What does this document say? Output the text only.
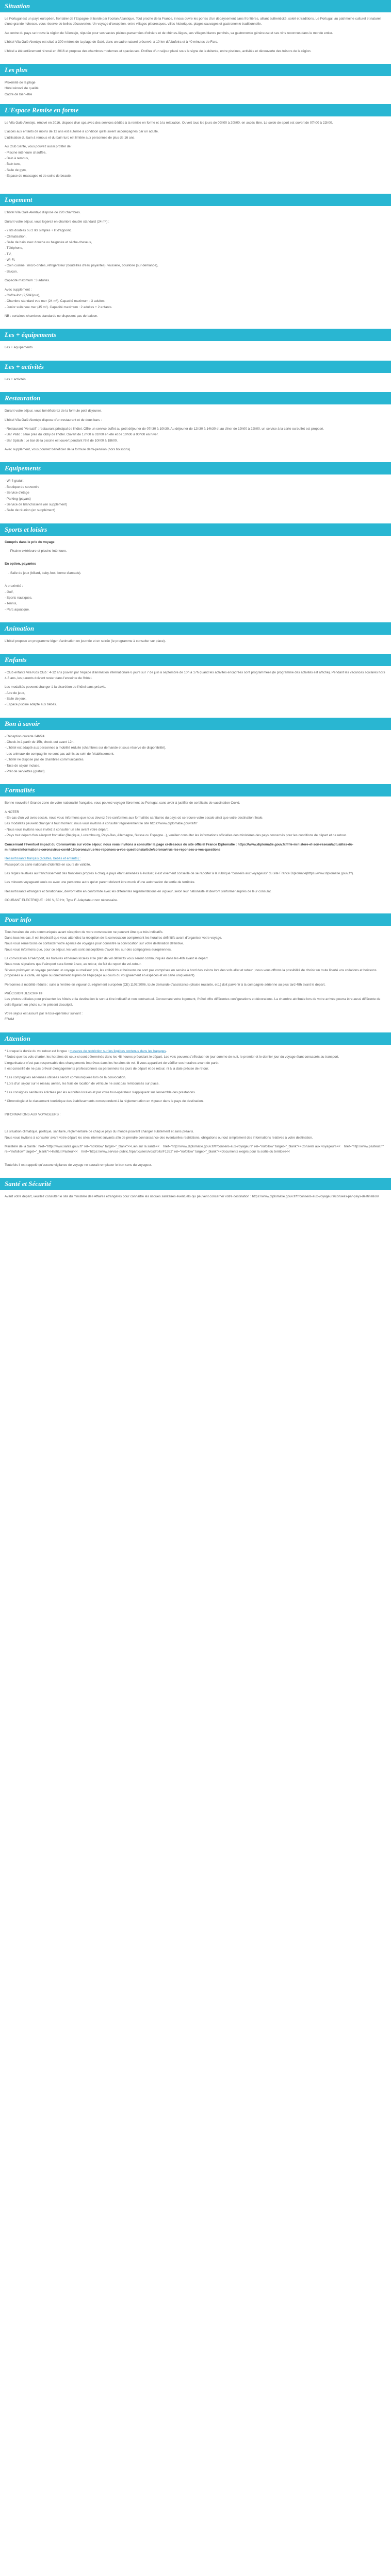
Situation

Le Portugal est un pays européen, frontalier de l'Espagne et bordé par l'océan Atlantique. Tout proche de la France, il nous ouvre les portes d'un dépaysement sans frontières, alliant authenticité, soleil et traditions. Le Portugal, au patrimoine culturel et naturel d'une grande richesse, vous réserve de belles découvertes. Un voyage d'exception, entre villages pittoresques, villes historiques, plages sauvages et gastronomie traditionnelle.

Au centre du pays se trouve la région de l'Alentejo, réputée pour ses vastes plaines parsemées d'oliviers et de chênes-lièges, ses villages blancs perchés, sa gastronomie généreuse et ses vins reconnus dans le monde entier.

L'hôtel Vila Galé Alentejo est situé à 300 mètres de la plage de Galé, dans un cadre naturel préservé, à 10 km d'Albufeira et à 40 minutes de Faro.

L'hôtel a été entièrement rénové en 2016 et propose des chambres modernes et spacieuses. Profitez d'un séjour placé sous le signe de la détente, entre piscines, activités et découverte des trésors de la région.

Les plus

Proximité de la plage

Hôtel rénové de qualité

Cadre de bien-être

L'Espace Remise en forme

Le Vila Galé Alentejo, rénové en 2016, dispose d'un spa avec des services dédiés à la remise en forme et à la relaxation. Ouvert tous les jours de 09h00 à 20h00, en accès libre. Le solde de sport est ouvert de 07h00 à 22h00.

L'accès aux enfants de moins de 12 ans est autorisé à condition qu'ils soient accompagnés par un adulte.

L'utilisation du bain à remous et du bain turc est limitée aux personnes de plus de 16 ans.

Au Club Santé, vous pouvez aussi profiter de :

- Piscine intérieure chauffée,

- Bain à remous,

- Bain turc,

- Salle de gym,

- Espace de massages et de soins de beauté.

Logement

L'hôtel Vila Galé Alentejo dispose de 220 chambres.

Durant votre séjour, vous logerez en chambre double standard (24 m²) :

- 2 lits doubles ou 2 lits simples + lit d'appoint,

- Climatisation,

- Salle de bain avec douche ou baignoire et sèche-cheveux,

- Téléphone,

- TV,

- Wi-Fi,

- Coin cuisine : micro-ondes, réfrigérateur (bouteilles d'eau payantes), vaisselle, bouilloire (sur demande),

- Balcon.

Capacité maximum : 3 adultes.

Avec supplément :

- Coffre-fort (2,50€/jour),

- Chambre standard vue mer (24 m²). Capacité maximum : 3 adultes.

- Junior suite vue mer (45 m²). Capacité maximum : 2 adultes + 2 enfants.

NB : certaines chambres standards ne disposent pas de balcon.

Les + équipements

Les + équipements

Les + activités

Les + activités

Restauration

Durant votre séjour, vous bénéficierez de la formule petit déjeuner.

L'hôtel Vila Galé Alentejo dispose d'un restaurant et de deux bars :

- Restaurant "Versatil" : restaurant principal de l'hôtel. Offre un service buffet au petit déjeuner de 07h30 à 10h30. Au déjeuner de 12h30 à 14h30 et au dîner de 19h00 à 22h00, un service à la carte ou buffet est proposé.

- Bar Pátio : situé près du lobby de l'hôtel. Ouvert de 17h00 à 01h00 en été et de 10h00 à 00h00 en hiver.

- Bar Splash : Le bar de la piscine est ouvert pendant l'été de 10h00 à 18h00.

Avec supplément, vous pourrez bénéficier de la formule demi-pension (hors boissons).

Equipements

- Wi-fi gratuit

- Boutique de souvenirs

- Service d'étage

- Parking (payant)

- Service de blanchisserie (en supplément)

- Salle de réunion (en supplément)

Sports et loisirs

Compris dans le prix du voyage

- Piscine extérieure et piscine intérieure.

En option, payantes

- Salle de jeux (billard, baby-foot, borne d'arcade).

À proximité :

- Golf,

- Sports nautiques,

- Tennis,

- Parc aquatique.

Animation

L'hôtel propose un programme léger d'animation en journée et en soirée (le programme à consulter sur place).

Enfants

- Club enfants Vila Kids Club : 4-12 ans (ouvert par l'équipe d'animation internationale 6 jours sur 7 de juin à septembre de 10h à 17h quand les activités encadrées sont programmées (le programme des activités est affiché). Pendant les vacances scolaires hors 4-6 ans, les parents doivent rester dans l'enceinte de l'hôtel.

Les modalités peuvent changer à la discrétion de l'hôtel sans préavis.

- Aire de jeux,

- Salle de jeux,

- Espace piscine adapté aux bébés.

Bon à savoir

- Réception ouverte 24h/24.

- Check-in à partir de 15h, check-out avant 12h.

- L'hôtel est adapté aux personnes à mobilité réduite (chambres sur demande et sous réserve de disponibilité).

- Les animaux de compagnie ne sont pas admis au sein de l'établissement.

- L'hôtel ne dispose pas de chambres communicantes.

- Taxe de séjour incluse.

- Prêt de serviettes (gratuit).

Formalités

Bonne nouvelle ! Grande zone de votre nationalité française, vous pouvez voyager librement au Portugal, sans avoir à justifier de certificats de vaccination Covid.

A NOTER

- En cas d'un vol avec escale, nous vous informons que nous devrez être conformes aux formalités sanitaires du pays où se trouve votre escale ainsi que votre destination finale.

Les modalités peuvent changer à tout moment, nous vous invitons à consulter régulièrement le site https://www.diplomatie.gouv.fr/fr/

- Nous vous invitons vous invitez à consulter un site avant votre départ.

- Pays tout départ d'un aéroport frontalier (Belgique, Luxembourg, Pays-Bas, Allemagne, Suisse ou Espagne...), veuillez consulter les informations officielles des ministères des pays concernés pour les conditions de départ et de retour.

Concernant l'éventuel impact du Coronavirus sur votre séjour, nous vous invitons à consulter la page ci-dessous du site officiel France Diplomatie : https://www.diplomatie.gouv.fr/fr/le-ministere-et-son-reseau/actualites-du-ministere/informations-coronavirus-covid-19/coronavirus-les-reponses-a-vos-questions/article/coronavirus-les-reponses-a-vos-questions

Ressortissants français (adultes, bébés et enfants) :

Passeport ou carte nationale d'identité en cours de validité.

Les règles relatives au franchissement des frontières propres à chaque pays étant amenées à évoluer, il est vivement conseillé de se reporter à la rubrique "conseils aux voyageurs" du site France Diplomatie(https://www.diplomatie.gouv.fr/).

Les mineurs voyageant seuls ou avec une personne autre qu'un parent doivent être munis d'une autorisation de sortie de territoire.

Ressortissants étrangers et binationaux, devront être en conformité avec les différentes réglementations en vigueur, selon leur nationalité et devront s'informer auprès de leur consulat.

COURANT ELECTRIQUE : 230 V, 50 Hz, Type F. Adaptateur non nécessaire.

Pour info

Tous horaires de vols communiqués avant réception de votre convocation ne peuvent être que très indicatifs.

Dans tous les cas, il est impératif que vous attendiez la réception de la convocation comprenant les horaires définitifs avant d'organiser votre voyage.

Nous vous remercions de contacter votre agence de voyages pour connaître la convocation sur votre destination définitive.

Nous vous informons que, pour ce séjour, les vols sont susceptibles d'avoir lieu sur des compagnies européennes.

La convocation à l'aéroport, les horaires et heures locales et le plan de vol définitifs vous seront communiqués dans les 48h avant le départ.

Nous vous signalons que l'aéroport sera fermé à sec, au retour, du fait du report du vol-retour.

Si vous prévoyez un voyage pendant un voyage au meilleur prix, les collations et boissons ne sont pas comprises en service à bord des avions lors des vols aller et retour ; nous vous offrons la possibilité de choisir un toute liberté vos collations et boissons proposées à la carte, en ligne ou directement auprès de l'équipage au cours du vol (paiement en espèces et en carte uniquement).

Personnes à mobilité réduite : suite à l'entrée en vigueur du règlement européen (CE) 1107/2006, toute demande d'assistance (chaise roulante, etc.) doit parvenir à la compagnie aérienne au plus tard 48h avant le départ.

PRÉCISION DESCRIPTIF

Les photos utilisées pour présenter les hôtels et la destination le sont à titre indicatif et non contractuel. Concernant votre logement, l'hôtel offre différentes configurations et décorations. La chambre attribuée lors de votre arrivée pourra être aussi différente de celle figurant en photo sur le présent descriptif.

Votre séjour est assuré par le tour-opérateur suivant :

FRAM

Attention

* Lorsque la durée du vol retour est longue : mesures de restriction sur les liquides contenus dans les bagages.

* Notez que les vols charter, les horaires de ceux-ci sont déterminés dans les 48 heures précédant le départ. Les vols peuvent s'effectuer de jour comme de nuit, le premier et le dernier jour du voyage étant consacrés au transport.

L'organisateur n'est pas responsable des changements imprévus dans les horaires de vol. Il vous appartient de vérifier ces horaires avant de partir.

Il est conseillé de ne pas prévoir d'engagements professionnels ou personnels les jours de départ et de retour, ni à la date précise de retour.

* Les compagnies aériennes utilisées seront communiquées lors de la convocation.

* Lors d'un séjour sur le réseau aérien, les frais de location de véhicule ne sont pas remboursés sur place.

* Les consignes sanitaires édictées par les autorités locales et par votre tour-opérateur s'appliquent sur l'ensemble des prestations.

* Chronologie et le classement touristique des établissements correspondent à la réglementation en vigueur dans le pays de destination.

INFORMATIONS AUX VOYAGEURS :

La situation climatique, politique, sanitaire, réglementaire de chaque pays du monde pouvant changer subitement et sans préavis.

Nous vous invitons à consulter avant votre départ les sites internet suivants afin de prendre connaissance des éventuelles restrictions, obligations ou tout simplement des informations relatives à votre destination.

Ministère de la Santé : href="http://www.sante.gouv.fr" rel="nofollow" target="_blank">>Lien sur la santé<<    href="http://www.diplomatie.gouv.fr/fr/conseils-aux-voyageurs" rel="nofollow" target="_blank">>Conseils aux voyageurs<<    href="http://www.pasteur.fr" rel="nofollow" target="_blank">>Institut Pasteur<<    href="https://www.service-public.fr/particuliers/vosdroits/F1352" rel="nofollow" target="_blank">>Documents exigés pour la sortie du territoire<<

Toutefois il est rappelé qu'aucune vigilance de voyage ne saurait remplacer le bon sens du voyageur.

Santé et Sécurité

Avant votre départ, veuillez consulter le site du ministère des Affaires étrangères pour connaître les risques sanitaires éventuels qui peuvent concerner votre destination : https://www.diplomatie.gouv.fr/fr/conseils-aux-voyageurs/conseils-par-pays-destination/
